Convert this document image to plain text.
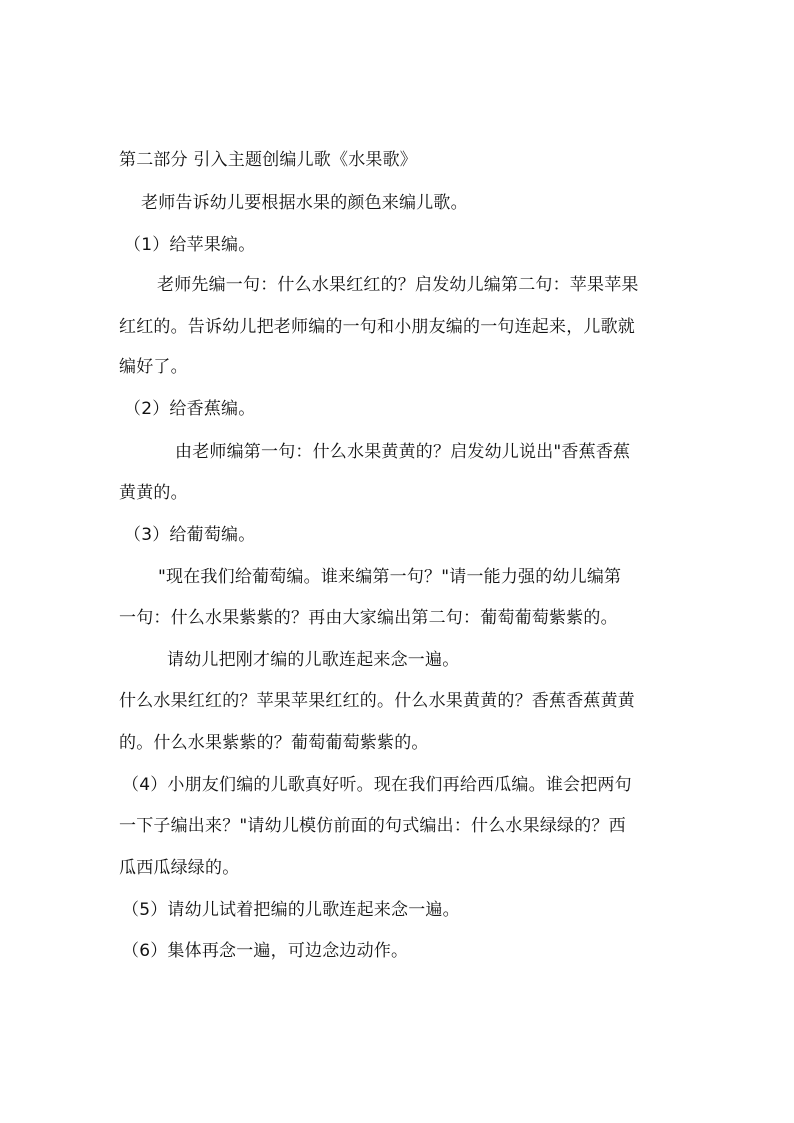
第二部分 引入主题创编儿歌《水果歌》
老师告诉幼儿要根据水果的颜色来编儿歌。
（1）给苹果编。
老师先编一句：什么水果红红的？启发幼儿编第二句：苹果苹果
红红的。告诉幼儿把老师编的一句和小朋友编的一句连起来，儿歌就
编好了。
（2）给香蕉编。
由老师编第一句：什么水果黄黄的？启发幼儿说出"香蕉香蕉
黄黄的。
（3）给葡萄编。
"现在我们给葡萄编。谁来编第一句？"请一能力强的幼儿编第
一句：什么水果紫紫的？再由大家编出第二句：葡萄葡萄紫紫的。
请幼儿把刚才编的儿歌连起来念一遍。
什么水果红红的？苹果苹果红红的。什么水果黄黄的？香蕉香蕉黄黄
的。什么水果紫紫的？葡萄葡萄紫紫的。
（4）小朋友们编的儿歌真好听。现在我们再给西瓜编。谁会把两句
一下子编出来？"请幼儿模仿前面的句式编出：什么水果绿绿的？西
瓜西瓜绿绿的。
（5）请幼儿试着把编的儿歌连起来念一遍。
（6）集体再念一遍，可边念边动作。
